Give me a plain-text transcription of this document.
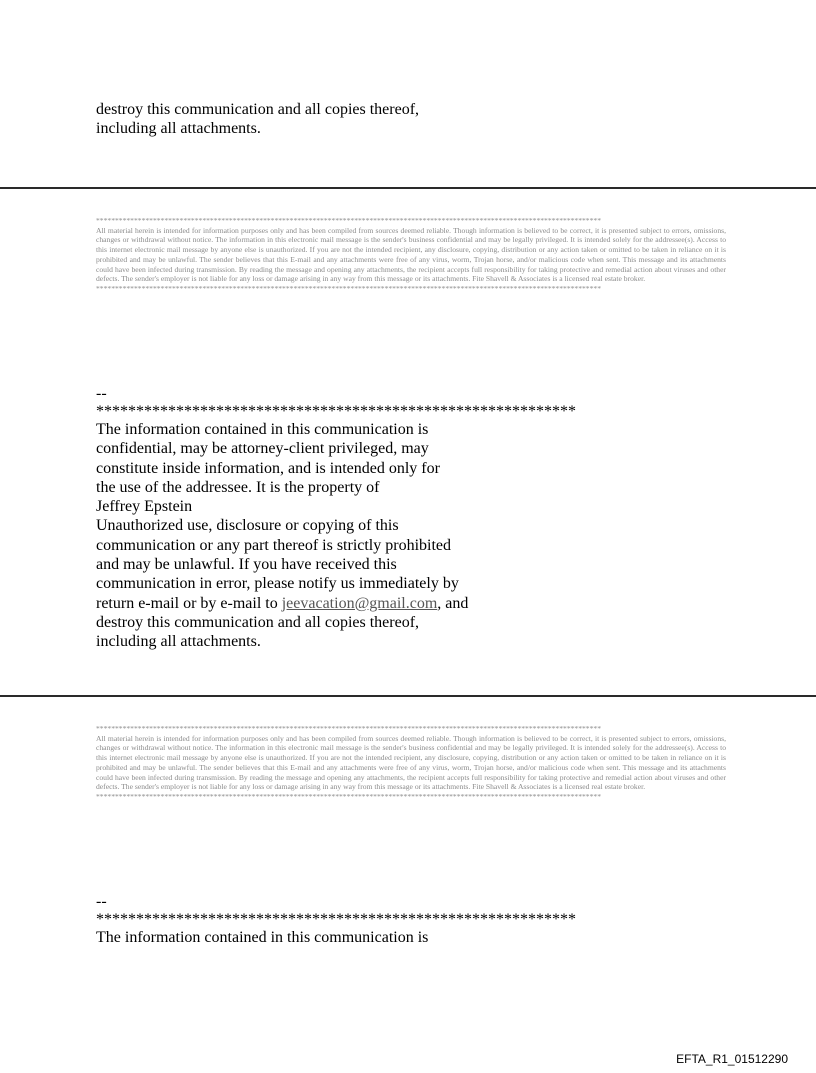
destroy this communication and all copies thereof,
including all attachments.
*************************************************************************************************************************************
All material herein is intended for information purposes only and has been compiled from sources deemed reliable. Though information is believed to be correct, it is presented subject to errors, omissions, changes or withdrawal without notice. The information in this electronic mail message is the sender's business confidential and may be legally privileged. It is intended solely for the addressee(s). Access to this internet electronic mail message by anyone else is unauthorized. If you are not the intended recipient, any disclosure, copying, distribution or any action taken or omitted to be taken in reliance on it is prohibited and may be unlawful. The sender believes that this E-mail and any attachments were free of any virus, worm, Trojan horse, and/or malicious code when sent. This message and its attachments could have been infected during transmission. By reading the message and opening any attachments, the recipient accepts full responsibility for taking protective and remedial action about viruses and other defects. The sender's employer is not liable for any loss or damage arising in any way from this message or its attachments. Fite Shavell & Associates is a licensed real estate broker.
*************************************************************************************************************************************
--
************************************************************
The information contained in this communication is
confidential, may be attorney-client privileged, may
constitute inside information, and is intended only for
the use of the addressee. It is the property of
Jeffrey Epstein
Unauthorized use, disclosure or copying of this
communication or any part thereof is strictly prohibited
and may be unlawful. If you have received this
communication in error, please notify us immediately by
return e-mail or by e-mail to jeevacation@gmail.com, and
destroy this communication and all copies thereof,
including all attachments.
*************************************************************************************************************************************
All material herein is intended for information purposes only and has been compiled from sources deemed reliable. Though information is believed to be correct, it is presented subject to errors, omissions, changes or withdrawal without notice. The information in this electronic mail message is the sender's business confidential and may be legally privileged. It is intended solely for the addressee(s). Access to this internet electronic mail message by anyone else is unauthorized. If you are not the intended recipient, any disclosure, copying, distribution or any action taken or omitted to be taken in reliance on it is prohibited and may be unlawful. The sender believes that this E-mail and any attachments were free of any virus, worm, Trojan horse, and/or malicious code when sent. This message and its attachments could have been infected during transmission. By reading the message and opening any attachments, the recipient accepts full responsibility for taking protective and remedial action about viruses and other defects. The sender's employer is not liable for any loss or damage arising in any way from this message or its attachments. Fite Shavell & Associates is a licensed real estate broker.
*************************************************************************************************************************************
--
************************************************************
The information contained in this communication is
EFTA_R1_01512290
